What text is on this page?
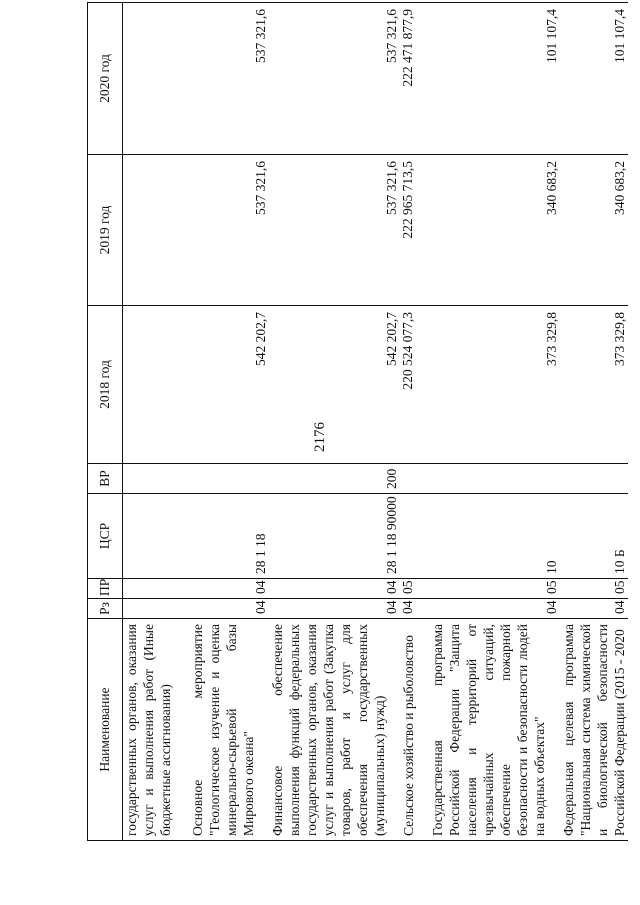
2176
Наименование	Рз	ПР	ЦСР	ВР	2018 год	2019 год	2020 год
государственных органов, оказания услуг и выполнения работ (Иные бюджетные ассигнования)							
Основное мероприятие "Геологическое изучение и оценка минерально-сырьевой базы Мирового океана"	04	04	28 1 18		542 202,7	537 321,6	537 321,6
Финансовое обеспечение выполнения функций федеральных государственных органов, оказания услуг и выполнения работ (Закупка товаров, работ и услуг для обеспечения государственных (муниципальных) нужд)	04	04	28 1 18 90000	200	542 202,7	537 321,6	537 321,6
Сельское хозяйство и рыболовство	04	05			220 524 077,3	222 965 713,5	222 471 877,9
Государственная программа Российской Федерации "Защита населения и территорий от чрезвычайных ситуаций, обеспечение пожарной безопасности и безопасности людей на водных объектах"	04	05	10		373 329,8	340 683,2	101 107,4
Федеральная целевая программа "Национальная система химической и биологической безопасности Российской Федерации (2015 - 2020	04	05	10 Б		373 329,8	340 683,2	101 107,4
